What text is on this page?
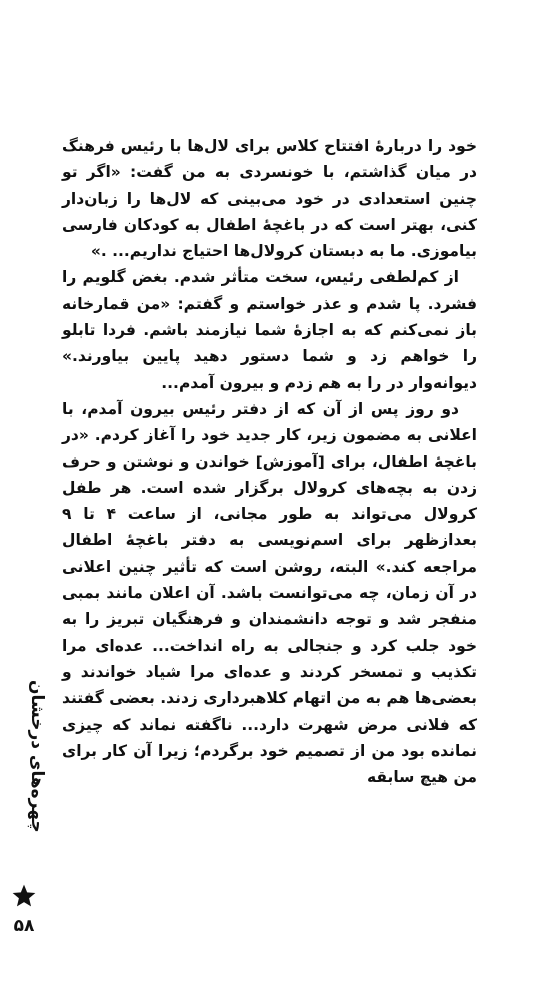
خود را دربارهٔ افتتاح کلاس برای لال‌ها با رئیس فرهنگ در میان گذاشتم، با خونسردی به من گفت: «اگر تو چنین استعدادی در خود می‌بینی که لال‌ها را زبان‌دار کنی، بهتر است که در باغچهٔ اطفال به کودکان فارسی بیاموزی. ما به دبستان کرولال‌ها احتیاج نداریم... .»

از کم‌لطفی رئیس، سخت متأثر شدم. بغض گلویم را فشرد. پا شدم و عذر خواستم و گفتم: «من قمارخانه باز نمی‌کنم که به اجازهٔ شما نیازمند باشم. فردا تابلو را خواهم زد و شما دستور دهید پایین بیاورند.» دیوانه‌وار در را به هم زدم و بیرون آمدم...

دو روز پس از آن که از دفتر رئیس بیرون آمدم، با اعلانی به مضمون زیر، کار جدید خود را آغاز کردم. «در باغچهٔ اطفال، برای [آموزش] خواندن و نوشتن و حرف زدن به بچه‌های کرولال برگزار شده است. هر طفل کرولال می‌تواند به طور مجانی، از ساعت ۴ تا ۹ بعدازظهر برای اسم‌نویسی به دفتر باغچهٔ اطفال مراجعه کند.» البته، روشن است که تأثیر چنین اعلانی در آن زمان، چه می‌توانست باشد. آن اعلان مانند بمبی منفجر شد و توجه دانشمندان و فرهنگیان تبریز را به خود جلب کرد و جنجالی به راه انداخت... عده‌ای مرا تکذیب و تمسخر کردند و عده‌ای مرا شیاد خواندند و بعضی‌ها هم به من اتهام کلاهبرداری زدند. بعضی گفتند که فلانی مرض شهرت دارد... ناگفته نماند که چیزی نمانده بود من از تصمیم خود برگردم؛ زیرا آن کار برای من هیچ سابقه

چهره‌های درخشان
۵۸
